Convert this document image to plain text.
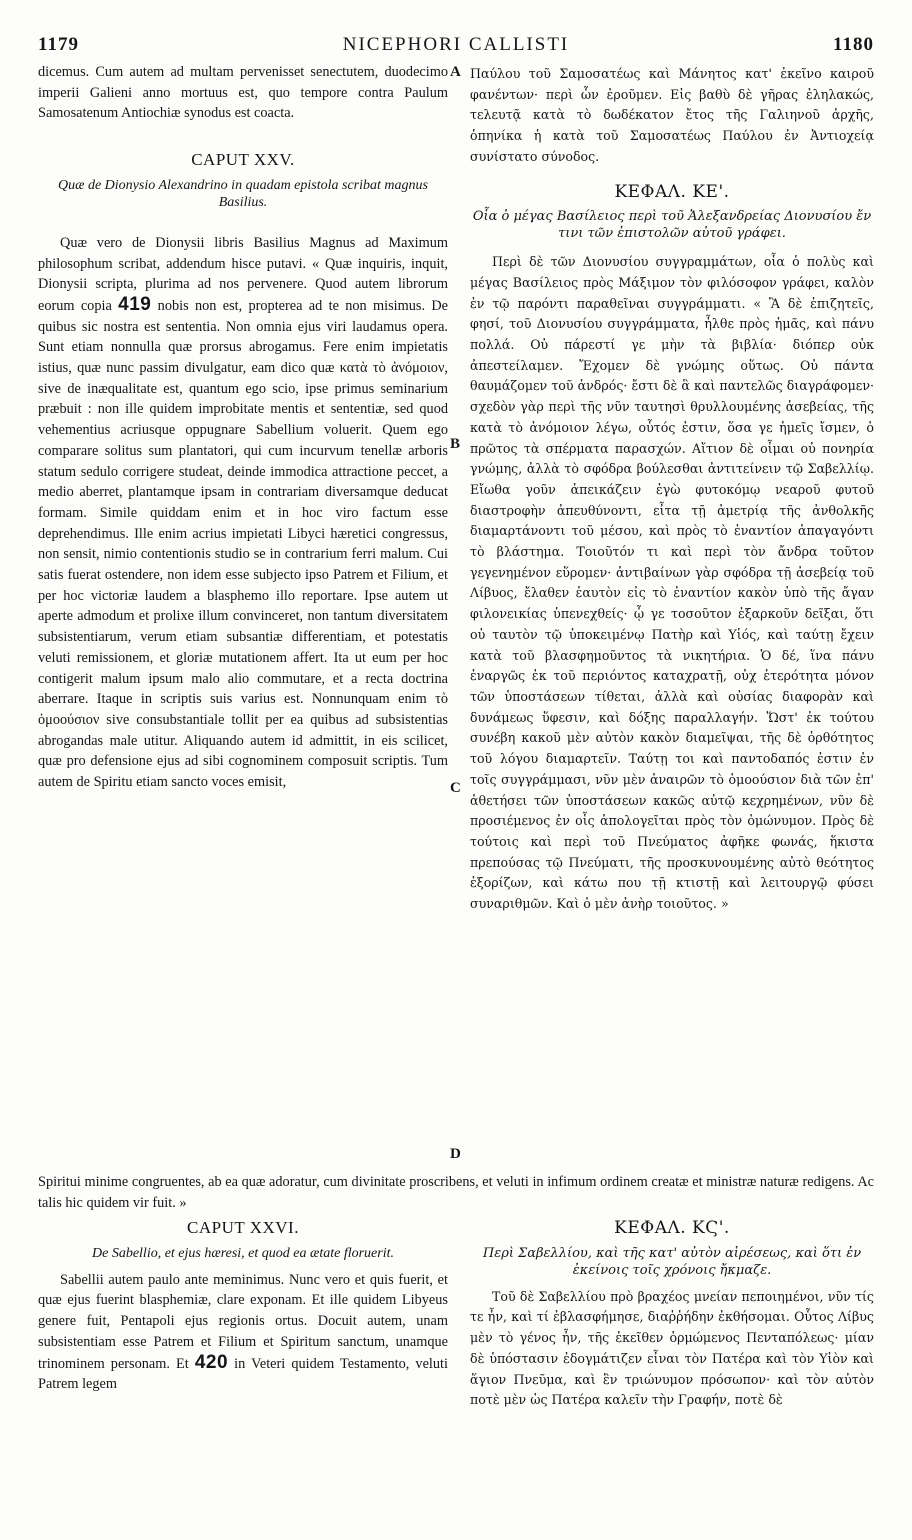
1179	NICEPHORI CALLISTI	1180
A
B
C
D

dicemus. Cum autem ad multam pervenisset senectutem, duodecimo imperii Galieni anno mortuus est, quo tempore contra Paulum Samosatenum Antiochiæ synodus est coacta.

CAPUT XXV.
Quæ de Dionysio Alexandrino in quadam epistola scribat magnus Basilius.

Quæ vero de Dionysii libris Basilius Magnus ad Maximum philosophum scribat, addendum hisce putavi. « Quæ inquiris, inquit, Dionysii scripta, plurima ad nos pervenere. Quod autem librorum eorum copia 419 nobis non est, propterea ad te non misimus. De quibus sic nostra est sententia. Non omnia ejus viri laudamus opera. Sunt etiam nonnulla quæ prorsus abrogamus. Fere enim impietatis istius, quæ nunc passim divulgatur, eam dico quæ κατὰ τὸ ἀνόμοιον, sive de inæqualitate est, quantum ego scio, ipse primus seminarium præbuit : non ille quidem improbitate mentis et sententiæ, sed quod vehementius acriusque oppugnare Sabellium voluerit. Quem ego comparare solitus sum plantatori, qui cum incurvum tenellæ arboris statum sedulo corrigere studeat, deinde immodica attractione peccet, a medio aberret, plantamque ipsam in contrariam diversamque deducat formam. Simile quiddam enim et in hoc viro factum esse deprehendimus. Ille enim acrius impietati Libyci hæretici congressus, non sensit, nimio contentionis studio se in contrarium ferri malum. Cui satis fuerat ostendere, non idem esse subjecto ipso Patrem et Filium, et per hoc victoriæ laudem a blasphemo illo reportare. Ipse autem ut aperte admodum et prolixe illum convinceret, non tantum diversitatem subsistentiarum, verum etiam subsantiæ differentiam, et potestatis veluti remissionem, et gloriæ mutationem affert. Ita ut eum per hoc contigerit malum ipsum malo alio commutare, et a recta doctrina aberrare. Itaque in scriptis suis varius est. Nonnunquam enim τὸ ὁμοούσιον sive consubstantiale tollit per ea quibus ad subsistentias abrogandas male utitur. Aliquando autem id admittit, in eis scilicet, quæ pro defensione ejus ad sibi cognominem composuit scriptis. Tum autem de Spiritu etiam sancto voces emisit,

Παύλου τοῦ Σαμοσατέως καὶ Μάνητος κατ' ἐκεῖνο καιροῦ φανέντων· περὶ ὧν ἐροῦμεν. Εἰς βαθὺ δὲ γῆρας ἐληλακώς, τελευτᾷ κατὰ τὸ δωδέκατον ἔτος τῆς Γαλιηνοῦ ἀρχῆς, ὁπηνίκα ἡ κατὰ τοῦ Σαμοσατέως Παύλου ἐν Ἀντιοχείᾳ συνίστατο σύνοδος.

ΚΕΦΑΛ. ΚΕ'.
Οἷα ὁ μέγας Βασίλειος περὶ τοῦ Ἀλεξανδρείας Διονυσίου ἔν τινι τῶν ἐπιστολῶν αὐτοῦ γράφει.

Περὶ δὲ τῶν Διονυσίου συγγραμμάτων, οἷα ὁ πολὺς καὶ μέγας Βασίλειος πρὸς Μάξιμον τὸν φιλόσοφον γράφει, καλὸν ἐν τῷ παρόντι παραθεῖναι συγγράμματι. « Ἃ δὲ ἐπιζητεῖς, φησί, τοῦ Διονυσίου συγγράμματα, ἦλθε πρὸς ἡμᾶς, καὶ πάνυ πολλά. Οὐ πάρεστί γε μὴν τὰ βιβλία· διόπερ οὐκ ἀπεστείλαμεν. Ἔχομεν δὲ γνώμης οὕτως. Οὐ πάντα θαυμάζομεν τοῦ ἀνδρός· ἔστι δὲ ἃ καὶ παντελῶς διαγράφομεν· σχεδὸν γὰρ περὶ τῆς νῦν ταυτησὶ θρυλλουμένης ἀσεβείας, τῆς κατὰ τὸ ἀνόμοιον λέγω, οὗτός ἐστιν, ὅσα γε ἡμεῖς ἴσμεν, ὁ πρῶτος τὰ σπέρματα παρασχών. Αἴτιον δὲ οἶμαι οὐ πονηρία γνώμης, ἀλλὰ τὸ σφόδρα βούλεσθαι ἀντιτείνειν τῷ Σαβελλίῳ. Εἴωθα γοῦν ἀπεικάζειν ἐγὼ φυτοκόμῳ νεαροῦ φυτοῦ διαστροφὴν ἀπευθύνοντι, εἶτα τῇ ἀμετρίᾳ τῆς ἀνθολκῆς διαμαρτάνοντι τοῦ μέσου, καὶ πρὸς τὸ ἐναντίον ἀπαγαγόντι τὸ βλάστημα. Τοιοῦτόν τι καὶ περὶ τὸν ἄνδρα τοῦτον γεγενημένον εὕρομεν· ἀντιβαίνων γὰρ σφόδρα τῇ ἀσεβείᾳ τοῦ Λίβυος, ἔλαθεν ἑαυτὸν εἰς τὸ ἐναντίον κακὸν ὑπὸ τῆς ἄγαν φιλονεικίας ὑπενεχθείς· ᾧ γε τοσοῦτον ἐξαρκοῦν δεῖξαι, ὅτι οὐ ταυτὸν τῷ ὑποκειμένῳ Πατὴρ καὶ Υἱός, καὶ ταύτῃ ἔχειν κατὰ τοῦ βλασφημοῦντος τὰ νικητήρια. Ὁ δέ, ἵνα πάνυ ἐναργῶς ἐκ τοῦ περιόντος καταχρατῇ, οὐχ ἑτερότητα μόνον τῶν ὑποστάσεων τίθεται, ἀλλὰ καὶ οὐσίας διαφορὰν καὶ δυνάμεως ὕφεσιν, καὶ δόξης παραλλαγήν. Ὥστ' ἐκ τούτου συνέβη κακοῦ μὲν αὐτὸν κακὸν διαμεῖψαι, τῆς δὲ ὀρθότητος τοῦ λόγου διαμαρτεῖν. Ταύτῃ τοι καὶ παντοδαπός ἐστιν ἐν τοῖς συγγράμμασι, νῦν μὲν ἀναιρῶν τὸ ὁμοούσιον διὰ τῶν ἐπ' ἀθετήσει τῶν ὑποστάσεων κακῶς αὐτῷ κεχρημένων, νῦν δὲ προσιέμενος ἐν οἷς ἀπολογεῖται πρὸς τὸν ὁμώνυμον. Πρὸς δὲ τούτοις καὶ περὶ τοῦ Πνεύματος ἀφῆκε φωνάς, ἥκιστα πρεπούσας τῷ Πνεύματι, τῆς προσκυνουμένης αὐτὸ θεότητος ἐξορίζων, καὶ κάτω που τῇ κτιστῇ καὶ λειτουργῷ φύσει συναριθμῶν. Καὶ ὁ μὲν ἀνὴρ τοιοῦτος. »

Spiritui minime congruentes, ab ea quæ adoratur, cum divinitate proscribens, et veluti in infimum ordinem creatæ et ministræ naturæ redigens. Ac talis hic quidem vir fuit. »

CAPUT XXVI.
De Sabellio, et ejus hæresi, et quod ea ætate floruerit.

Sabellii autem paulo ante meminimus. Nunc vero et quis fuerit, et quæ ejus fuerint blasphemiæ, clare exponam. Et ille quidem Libyeus genere fuit, Pentapoli ejus regionis ortus. Docuit autem, unam subsistentiam esse Patrem et Filium et Spiritum sanctum, unamque trinominem personam. Et 420 in Veteri quidem Testamento, veluti Patrem legem

ΚΕΦΑΛ. ΚϚ'.
Περὶ Σαβελλίου, καὶ τῆς κατ' αὐτὸν αἱρέσεως, καὶ ὅτι ἐν ἐκείνοις τοῖς χρόνοις ἤκμαζε.

Τοῦ δὲ Σαβελλίου πρὸ βραχέος μνείαν πεποιημένοι, νῦν τίς τε ἦν, καὶ τί ἐβλασφήμησε, διαῤῥήδην ἐκθήσομαι. Οὗτος Λίβυς μὲν τὸ γένος ἦν, τῆς ἐκεῖθεν ὁρμώμενος Πενταπόλεως· μίαν δὲ ὑπόστασιν ἐδογμάτιζεν εἶναι τὸν Πατέρα καὶ τὸν Υἱὸν καὶ ἅγιον Πνεῦμα, καὶ ἓν τριώνυμον πρόσωπον· καὶ τὸν αὐτὸν ποτὲ μὲν ὡς Πατέρα καλεῖν τὴν Γραφήν, ποτὲ δὲ
